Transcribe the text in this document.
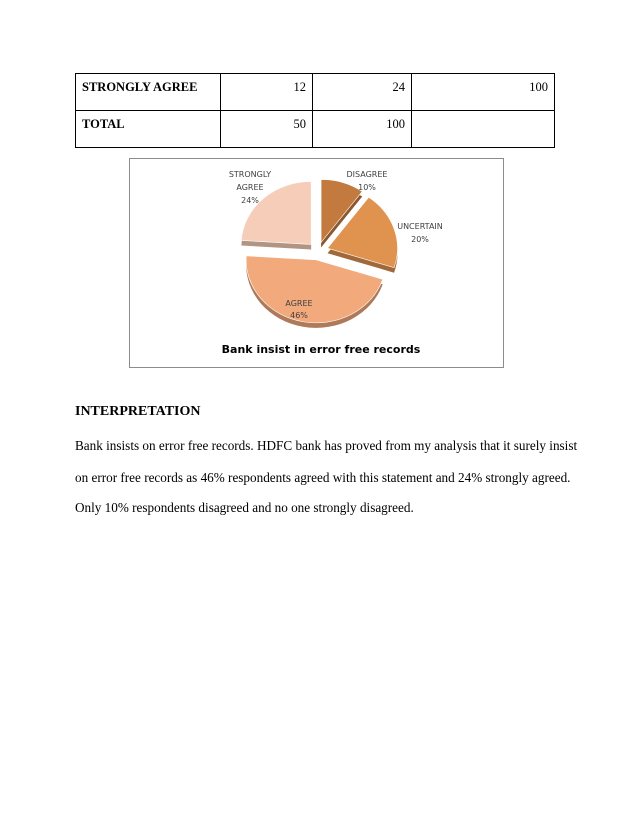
STRONGLY AGREE	12	24	100
TOTAL	50	100	
STRONGLY
AGREE
24%
DISAGREE
10%
UNCERTAIN
20%
AGREE
46%
Bank insist in error free records

INTERPRETATION

Bank insists on error free records. HDFC bank has proved from my analysis that it surely insist

on error free records as 46% respondents agreed with this statement and 24% strongly agreed.

Only 10% respondents disagreed and no one strongly disagreed.
